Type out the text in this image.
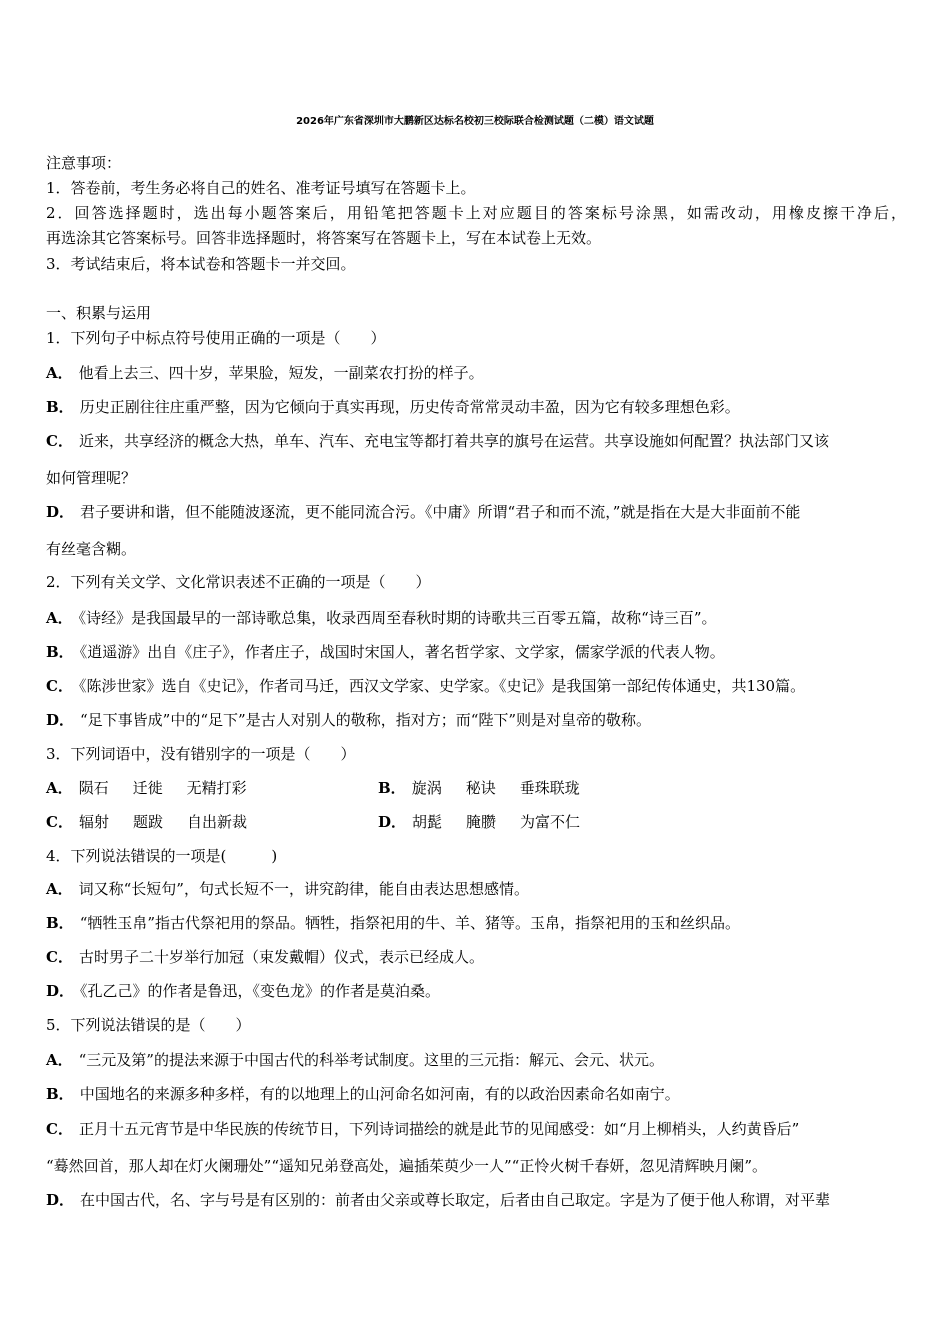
2026年广东省深圳市大鹏新区达标名校初三校际联合检测试题（二模）语文试题
注意事项：
1．答卷前，考生务必将自己的姓名、准考证号填写在答题卡上。
2．回答选择题时，选出每小题答案后，用铅笔把答题卡上对应题目的答案标号涂黑，如需改动，用橡皮擦干净后，
再选涂其它答案标号。回答非选择题时，将答案写在答题卡上，写在本试卷上无效。
3．考试结束后，将本试卷和答题卡一并交回。
一、积累与运用
1．下列句子中标点符号使用正确的一项是（　　）
A． 他看上去三、四十岁，苹果脸，短发，一副菜农打扮的样子。
B． 历史正剧往往庄重严整，因为它倾向于真实再现，历史传奇常常灵动丰盈，因为它有较多理想色彩。
C． 近来，共享经济的概念大热，单车、汽车、充电宝等都打着共享的旗号在运营。共享设施如何配置？执法部门又该
如何管理呢？
D． 君子要讲和谐，但不能随波逐流，更不能同流合污。《中庸》所谓“君子和而不流，”就是指在大是大非面前不能
有丝毫含糊。
2．下列有关文学、文化常识表述不正确的一项是（　　）
A． 《诗经》是我国最早的一部诗歌总集，收录西周至春秋时期的诗歌共三百零五篇，故称“诗三百”。
B． 《逍遥游》出自《庄子》，作者庄子，战国时宋国人，著名哲学家、文学家，儒家学派的代表人物。
C． 《陈涉世家》选自《史记》，作者司马迁，西汉文学家、史学家。《史记》是我国第一部纪传体通史，共130篇。
D． “足下事皆成”中的“足下”是古人对别人的敬称，指对方；而“陛下”则是对皇帝的敬称。
3．下列词语中，没有错别字的一项是（　　）
A． 陨石 迁徙 无精打彩	B． 旋涡 秘诀 垂珠联珑
C． 辐射 题跋 自出新裁	D． 胡髭 腌臜 为富不仁
4．下列说法错误的一项是(　　　)
A． 词又称“长短句”，句式长短不一，讲究韵律，能自由表达思想感情。
B． “牺牲玉帛”指古代祭祀用的祭品。牺牲，指祭祀用的牛、羊、猪等。玉帛，指祭祀用的玉和丝织品。
C． 古时男子二十岁举行加冠（束发戴帽）仪式，表示已经成人。
D． 《孔乙己》的作者是鲁迅，《变色龙》的作者是莫泊桑。
5．下列说法错误的是（　　）
A． “三元及第”的提法来源于中国古代的科举考试制度。这里的三元指：解元、会元、状元。
B． 中国地名的来源多种多样，有的以地理上的山河命名如河南，有的以政治因素命名如南宁。
C． 正月十五元宵节是中华民族的传统节日，下列诗词描绘的就是此节的见闻感受：如“月上柳梢头，人约黄昏后”
“蓦然回首，那人却在灯火阑珊处”“遥知兄弟登高处，遍插茱萸少一人”“正怜火树千春妍，忽见清辉映月阑”。
D． 在中国古代，名、字与号是有区别的：前者由父亲或尊长取定，后者由自己取定。字是为了便于他人称谓，对平辈
